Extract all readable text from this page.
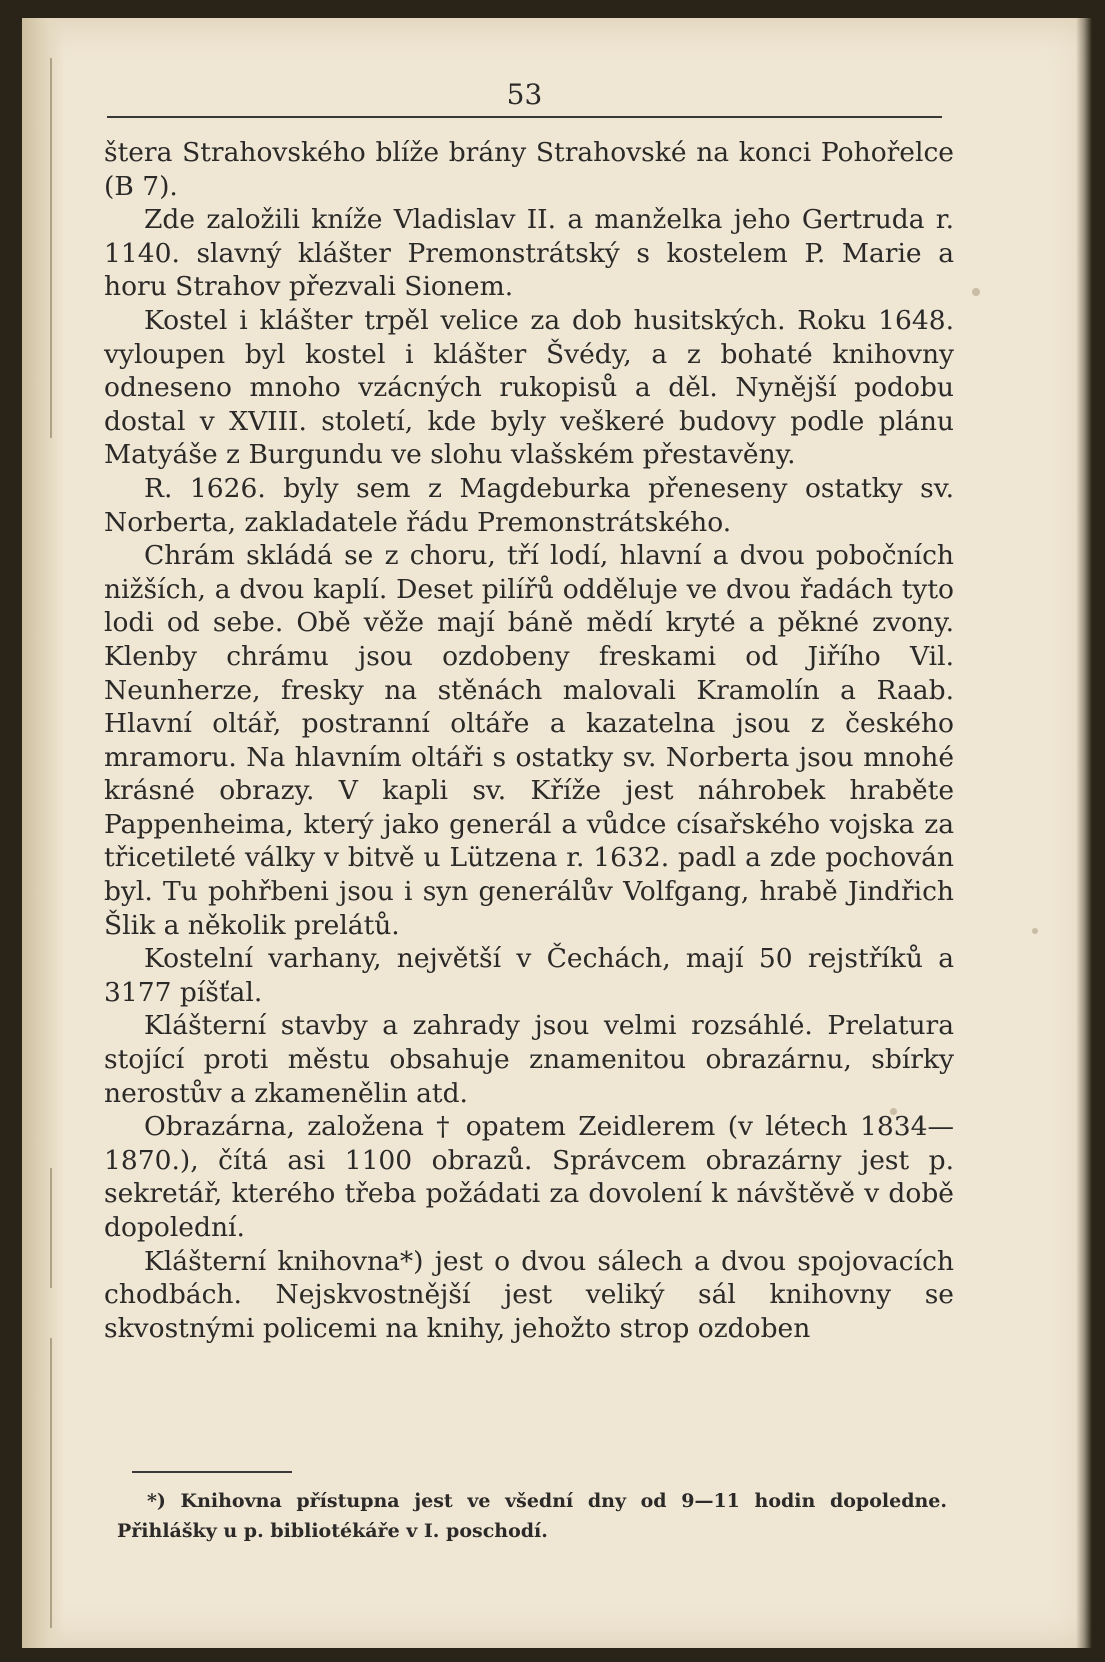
53

štera Strahovského blíže brány Strahovské na konci Pohořelce (B 7).

Zde založili kníže Vladislav II. a manželka jeho Gertruda r. 1140. slavný klášter Premonstrátský s kostelem P. Marie a horu Strahov přezvali Sionem.

Kostel i klášter trpěl velice za dob husitských. Roku 1648. vyloupen byl kostel i klášter Švédy, a z bohaté knihovny odneseno mnoho vzácných rukopisů a děl. Nynější podobu dostal v XVIII. století, kde byly veškeré budovy podle plánu Matyáše z Burgundu ve slohu vlašském přestavěny.

R. 1626. byly sem z Magdeburka přeneseny ostatky sv. Norberta, zakladatele řádu Premonstrátského.

Chrám skládá se z choru, tří lodí, hlavní a dvou pobočních nižších, a dvou kaplí. Deset pilířů odděluje ve dvou řadách tyto lodi od sebe. Obě věže mají báně mědí kryté a pěkné zvony. Klenby chrámu jsou ozdobeny freskami od Jiřího Vil. Neunherze, fresky na stěnách malovali Kramolín a Raab. Hlavní oltář, postranní oltáře a kazatelna jsou z českého mramoru. Na hlavním oltáři s ostatky sv. Norberta jsou mnohé krásné obrazy. V kapli sv. Kříže jest náhrobek hraběte Pappenheima, který jako generál a vůdce císařského vojska za třicetileté války v bitvě u Lützena r. 1632. padl a zde pochován byl. Tu pohřbeni jsou i syn generálův Volfgang, hrabě Jindřich Šlik a několik prelátů.

Kostelní varhany, největší v Čechách, mají 50 rejstříků a 3177 píšťal.

Klášterní stavby a zahrady jsou velmi rozsáhlé. Prelatura stojící proti městu obsahuje znamenitou obrazárnu, sbírky nerostův a zkamenělin atd.

Obrazárna, založena † opatem Zeidlerem (v létech 1834—1870.), čítá asi 1100 obrazů. Správcem obrazárny jest p. sekretář, kterého třeba požádati za dovolení k návštěvě v době dopolední.

Klášterní knihovna*) jest o dvou sálech a dvou spojovacích chodbách. Nejskvostnější jest veliký sál knihovny se skvostnými policemi na knihy, jehožto strop ozdoben

*) Knihovna přístupna jest ve všední dny od 9—11 hodin dopoledne. Přihlášky u p. bibliotékáře v I. poschodí.
